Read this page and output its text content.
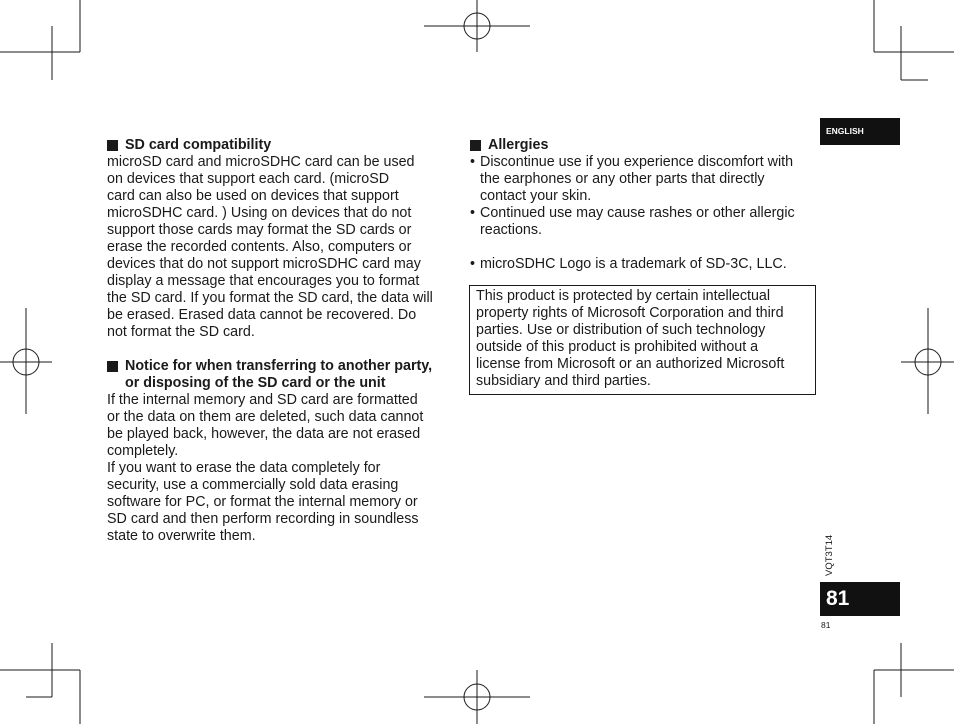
SD card compatibility

microSD card and microSDHC card can be used
on devices that support each card. (microSD
card can also be used on devices that support
microSDHC card. ) Using on devices that do not
support those cards may format the SD cards or
erase the recorded contents. Also, computers or
devices that do not support microSDHC card may
display a message that encourages you to format
the SD card. If you format the SD card, the data will
be erased. Erased data cannot be recovered. Do
not format the SD card.

Notice for when transferring to another party,
or disposing of the SD card or the unit

If the internal memory and SD card are formatted
or the data on them are deleted, such data cannot
be played back, however, the data are not erased
completely.

If you want to erase the data completely for
security, use a commercially sold data erasing
software for PC, or format the internal memory or
SD card and then perform recording in soundless
state to overwrite them.

Allergies
• Discontinue use if you experience discomfort with
the earphones or any other parts that directly
contact your skin.
• Continued use may cause rashes or other allergic
reactions.
• microSDHC Logo is a trademark of SD-3C, LLC.
This product is protected by certain intellectual
property rights of Microsoft Corporation and third
parties. Use or distribution of such technology
outside of this product is prohibited without a
license from Microsoft or an authorized Microsoft
subsidiary and third parties.
ENGLISH
VQT3T14
81
81
